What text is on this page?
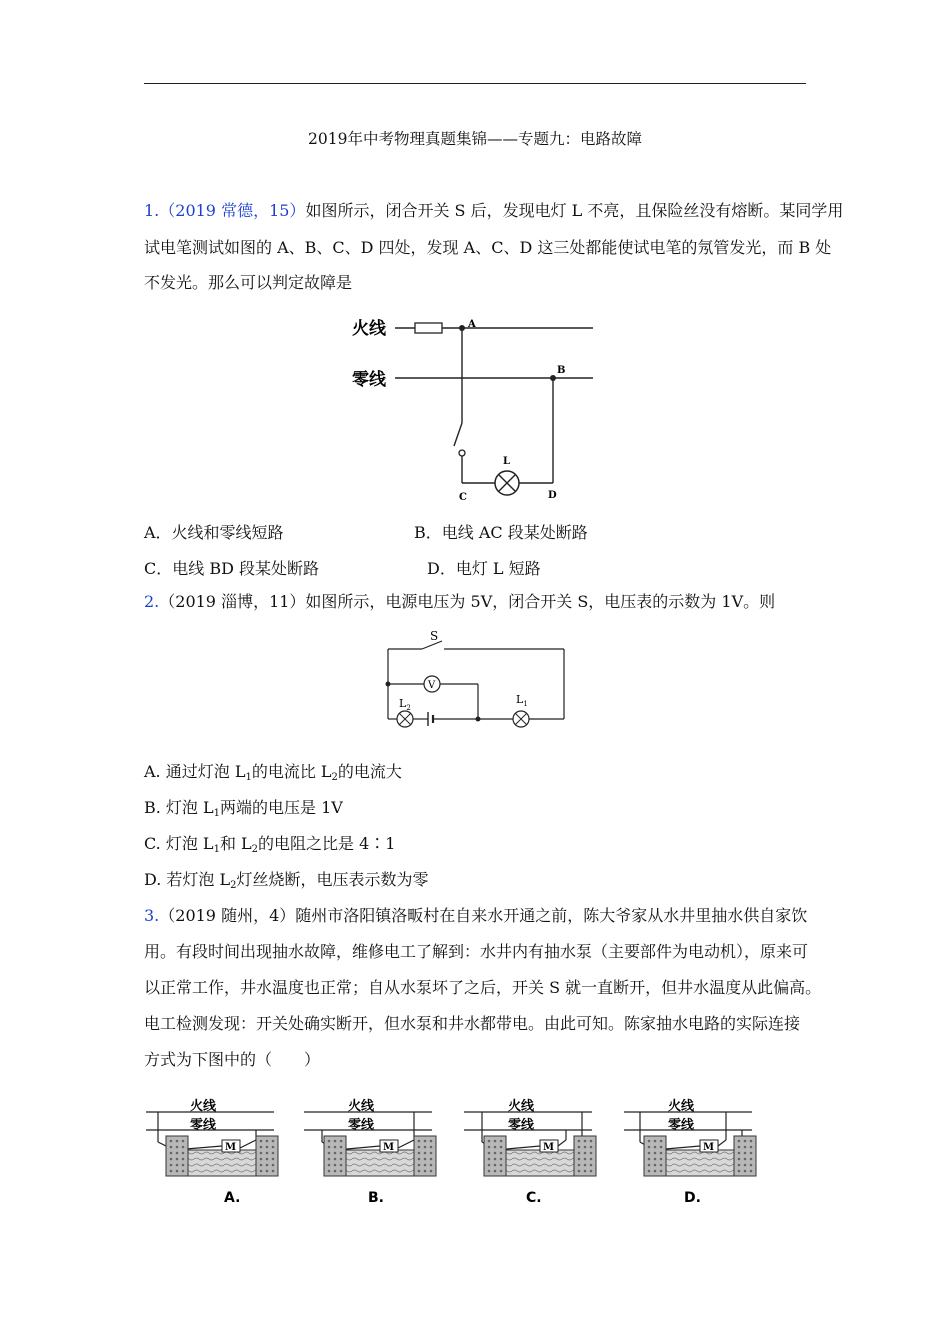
2019年中考物理真题集锦——专题九：电路故障
1.（2019 常德，15）如图所示，闭合开关 S 后，发现电灯 L 不亮，且保险丝没有熔断。某同学用
试电笔测试如图的 A、B、C、D 四处，发现 A、C、D 这三处都能使试电笔的氖管发光，而 B 处
不发光。那么可以判定故障是
火线
零线
A
B
L
C	D
A．火线和零线短路	B．电线 AC 段某处断路
C．电线 BD 段某处断路	D．电灯 L 短路
2.（2019 淄博，11）如图所示，电源电压为 5V，闭合开关 S，电压表的示数为 1V。则
S
V
$L_2$
$L_1$
A. 通过灯泡 $L_1$的电流比 $L_2$的电流大
B. 灯泡 $L_1$两端的电压是 1V
C. 灯泡 $L_1$和 $L_2$的电阻之比是 4∶1
D. 若灯泡 $L_2$灯丝烧断，电压表示数为零
3.（2019 随州，4）随州市洛阳镇洛畈村在自来水开通之前，陈大爷家从水井里抽水供自家饮
用。有段时间出现抽水故障，维修电工了解到：水井内有抽水泵（主要部件为电动机），原来可
以正常工作，井水温度也正常；自从水泵坏了之后，开关 S 就一直断开，但井水温度从此偏高。
电工检测发现：开关处确实断开，但水泵和井水都带电。由此可知。陈家抽水电路的实际连接
方式为下图中的（　　）
火线
零线
M
A.
火线
零线
M
B.
火线
零线
M
C.
火线
零线
M
D.
